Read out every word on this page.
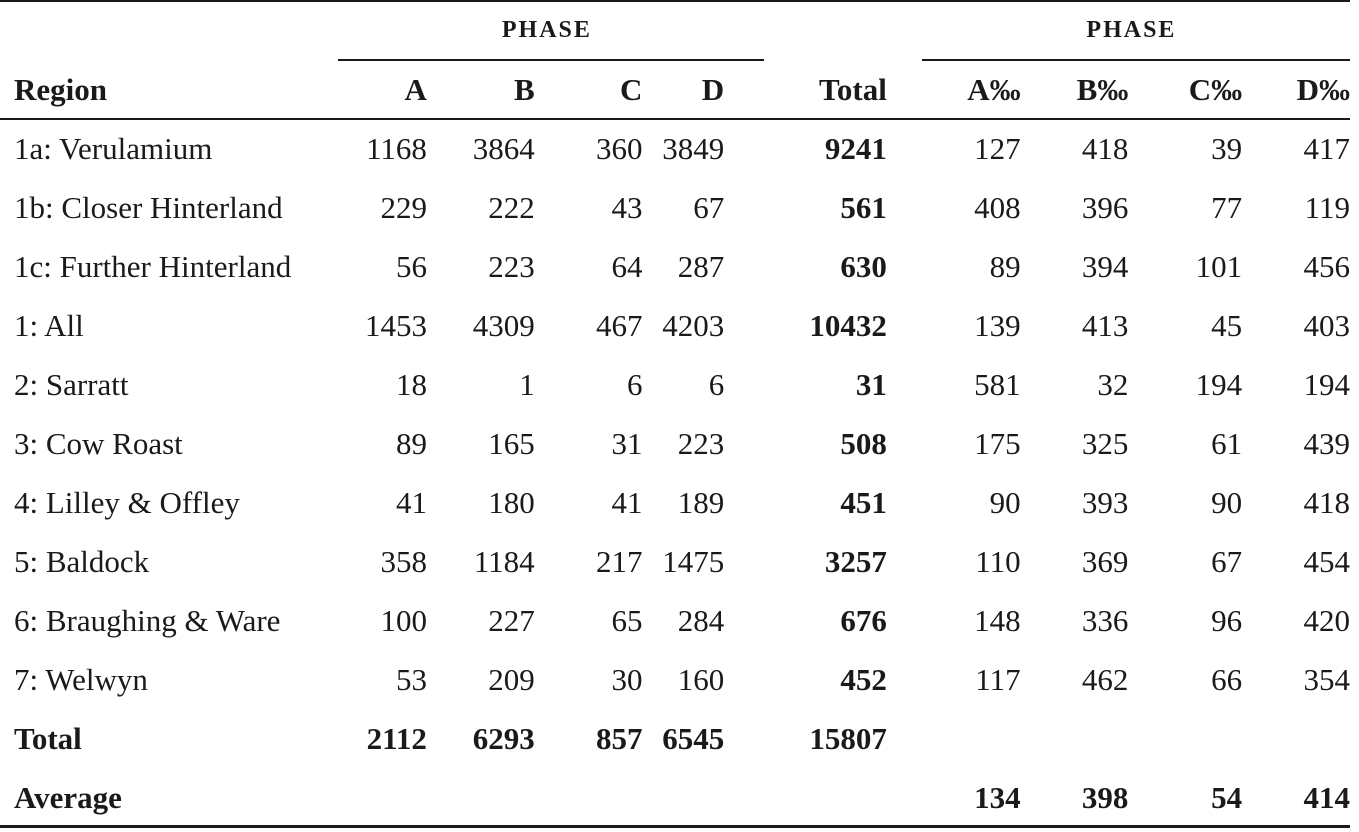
	PHASE					PHASE			
Region	A	B	C	D	Total	A‰	B‰	C‰	D‰
1a: Verulamium	1168	3864	360	3849	9241	127	418	39	417
1b: Closer Hinterland	229	222	43	67	561	408	396	77	119
1c: Further Hinterland	56	223	64	287	630	89	394	101	456
1: All	1453	4309	467	4203	10432	139	413	45	403
2: Sarratt	18	1	6	6	31	581	32	194	194
3: Cow Roast	89	165	31	223	508	175	325	61	439
4: Lilley & Offley	41	180	41	189	451	90	393	90	418
5: Baldock	358	1184	217	1475	3257	110	369	67	454
6: Braughing & Ware	100	227	65	284	676	148	336	96	420
7: Welwyn	53	209	30	160	452	117	462	66	354
Total	2112	6293	857	6545	15807				
Average						134	398	54	414
